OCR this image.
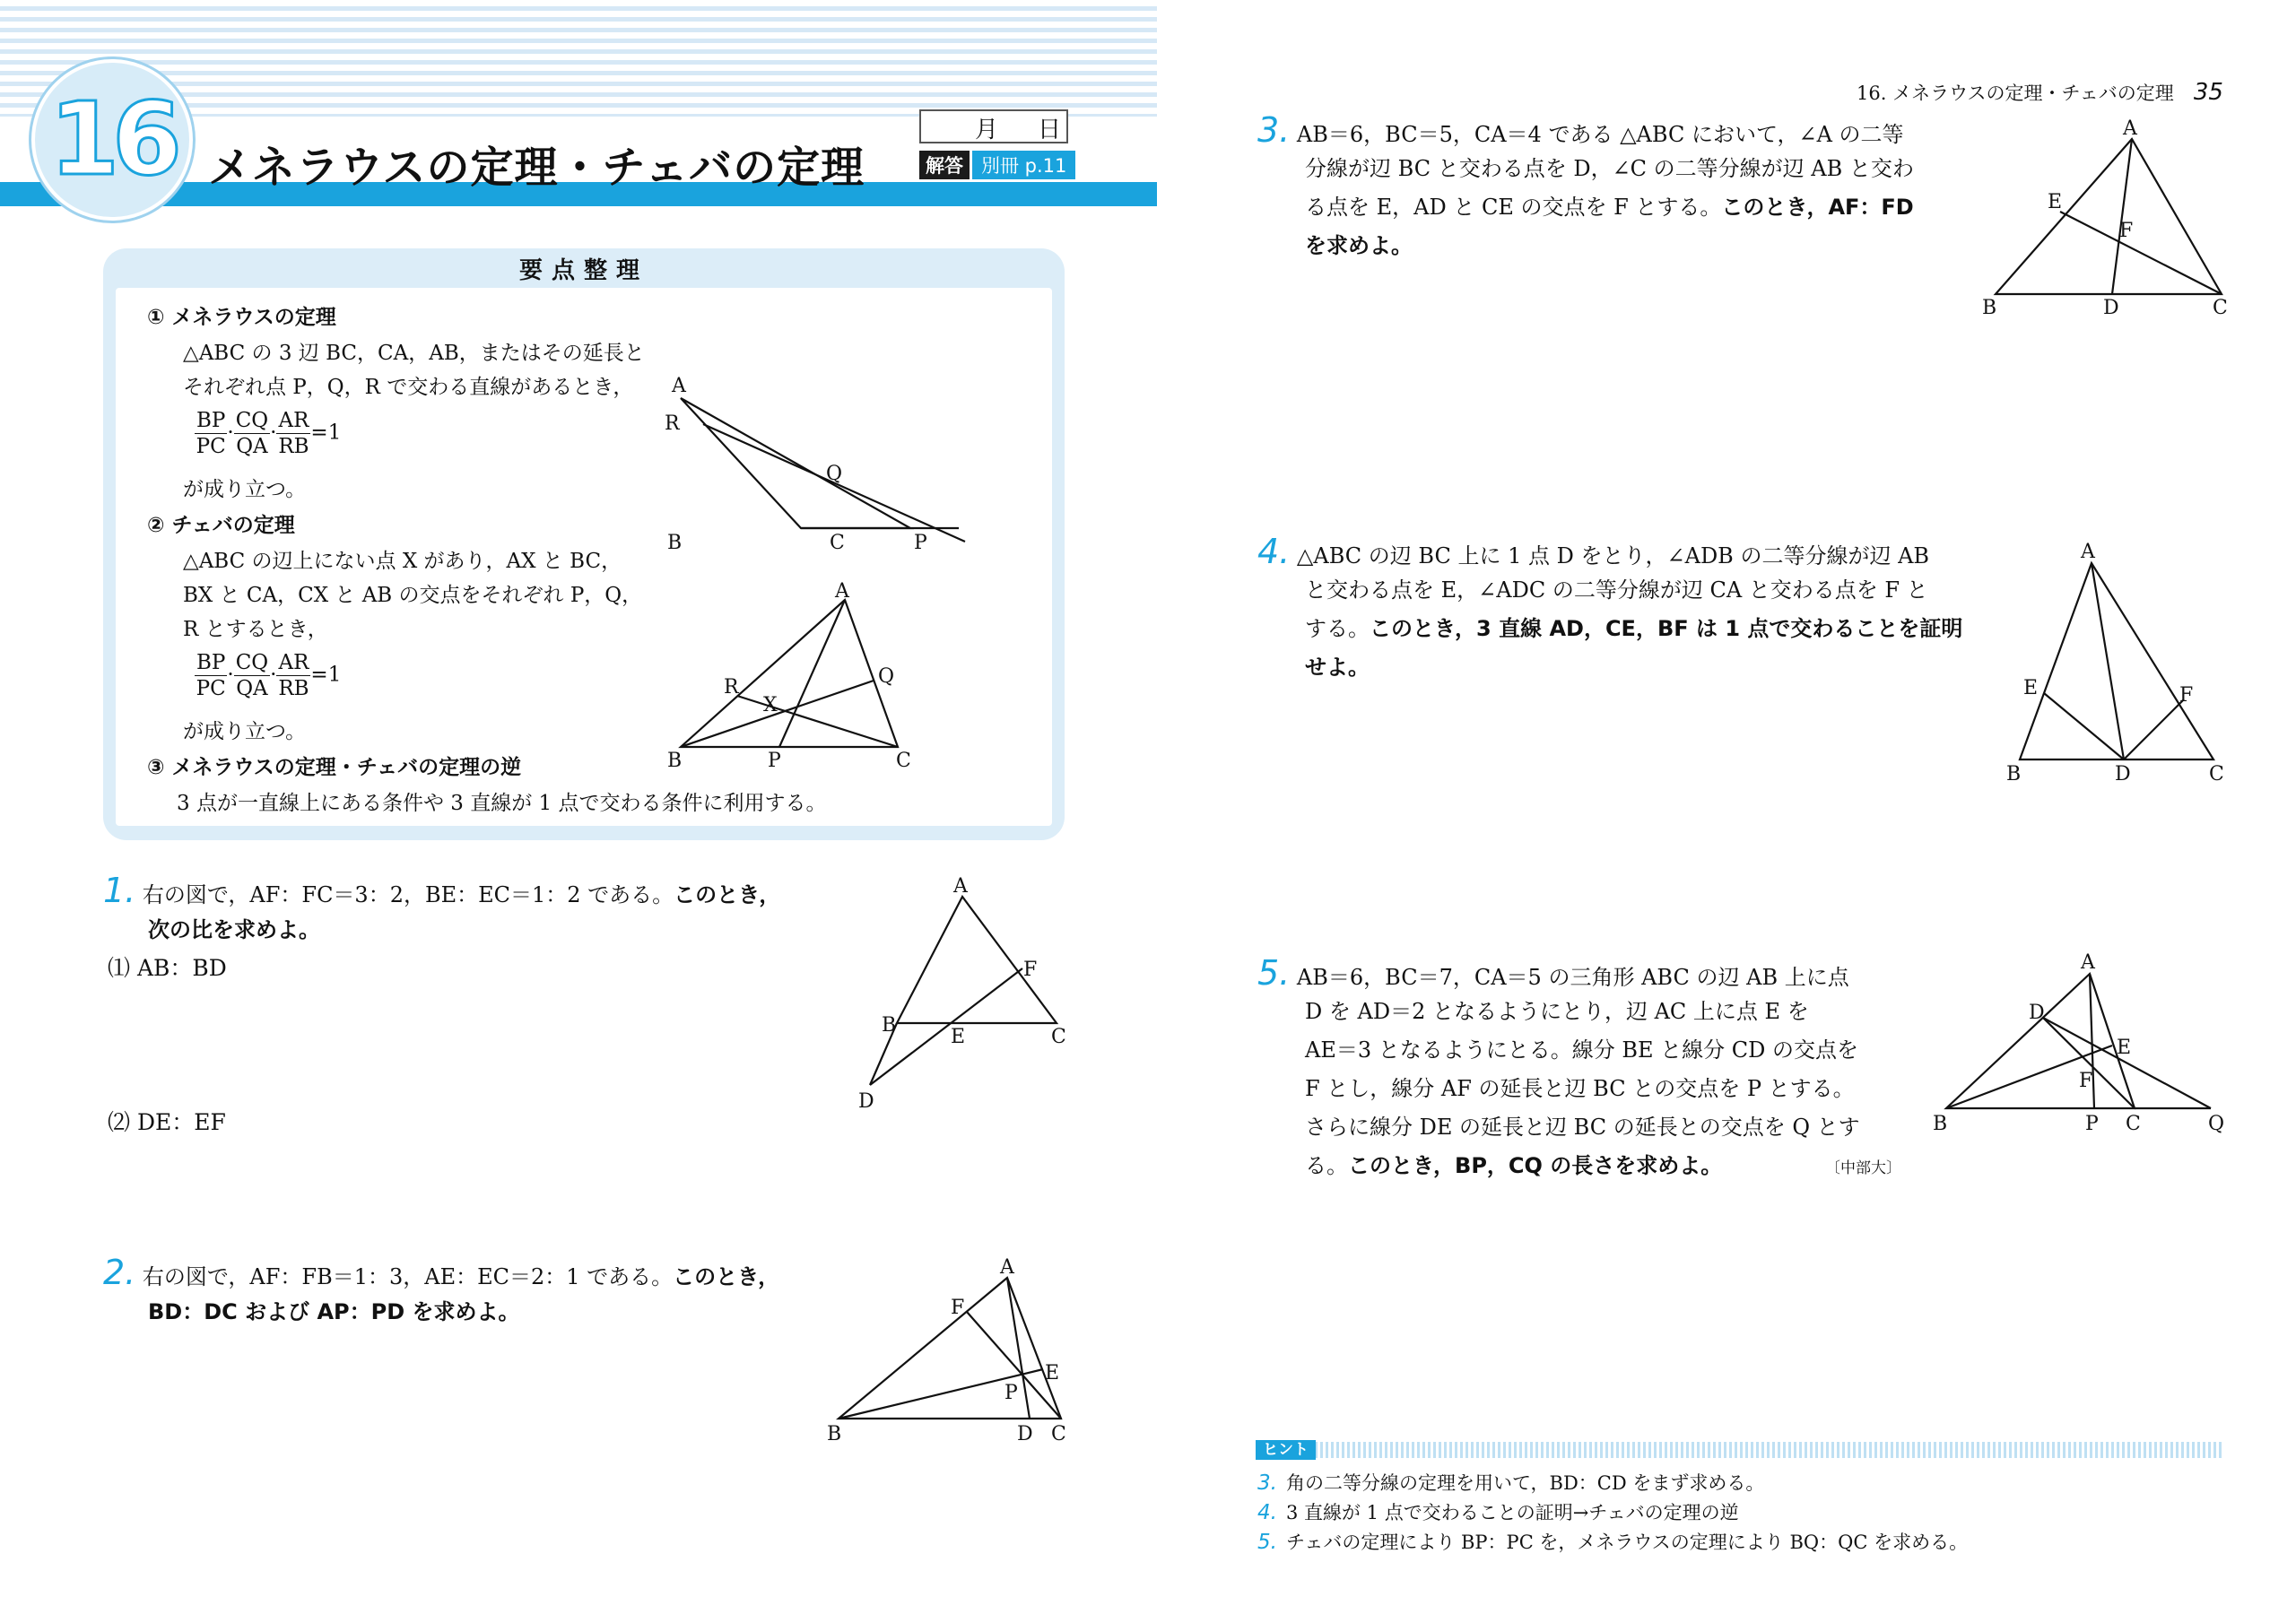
16 メネラウスの定理・チェバの定理
月 日
解答 別冊 p.11
要点整理
① メネラウスの定理
△ABC の 3 辺 BC，CA，AB，またはその延長と
それぞれ点 P，Q，R で交わる直線があるとき，
$\frac{BP}{PC} \cdot \frac{CQ}{QA} \cdot \frac{AR}{RB} =1$
が成り立つ。
② チェバの定理
△ABC の辺上にない点 X があり，AX と BC，
BX と CA，CX と AB の交点をそれぞれ P，Q，
R とするとき，
$\frac{BP}{PC} \cdot \frac{CQ}{QA} \cdot \frac{AR}{RB} =1$
が成り立つ。
③ メネラウスの定理・チェバの定理の逆
3 点が一直線上にある条件や 3 直線が 1 点で交わる条件に利用する。
A
R
Q
B	C	P
A
R
X
Q
B	P	C
1. 右の図で，AF：FC＝3：2，BE：EC＝1：2 である。このとき，
次の比を求めよ。
⑴ AB：BD
⑵ DE：EF
A
F
B
E	C
D
2. 右の図で，AF：FB＝1：3，AE：EC＝2：1 である。このとき，
BD：DC および AP：PD を求めよ。
A
F
E
P
B	D C
16. メネラウスの定理・チェバの定理 35
3. AB＝6，BC＝5，CA＝4 である △ABC において，∠A の二等
分線が辺 BC と交わる点を D，∠C の二等分線が辺 AB と交わ
る点を E，AD と CE の交点を F とする。このとき，AF：FD
を求めよ。
A
E
F
B	D	C
4. △ABC の辺 BC 上に 1 点 D をとり，∠ADB の二等分線が辺 AB
と交わる点を E，∠ADC の二等分線が辺 CA と交わる点を F と
する。このとき，3 直線 AD，CE，BF は 1 点で交わることを証明
せよ。
A
E	F
B	D	C
5. AB＝6，BC＝7，CA＝5 の三角形 ABC の辺 AB 上に点
D を AD＝2 となるようにとり，辺 AC 上に点 E を
AE＝3 となるようにとる。線分 BE と線分 CD の交点を
F とし，線分 AF の延長と辺 BC との交点を P とする。
さらに線分 DE の延長と辺 BC の延長との交点を Q とす
る。このとき，BP，CQ の長さを求めよ。	〔中部大〕
A
D
E
F
B	P C	Q
ヒント
3. 角の二等分線の定理を用いて，BD：CD をまず求める。
4. 3 直線が 1 点で交わることの証明→チェバの定理の逆
5. チェバの定理により BP：PC を，メネラウスの定理により BQ：QC を求める。
